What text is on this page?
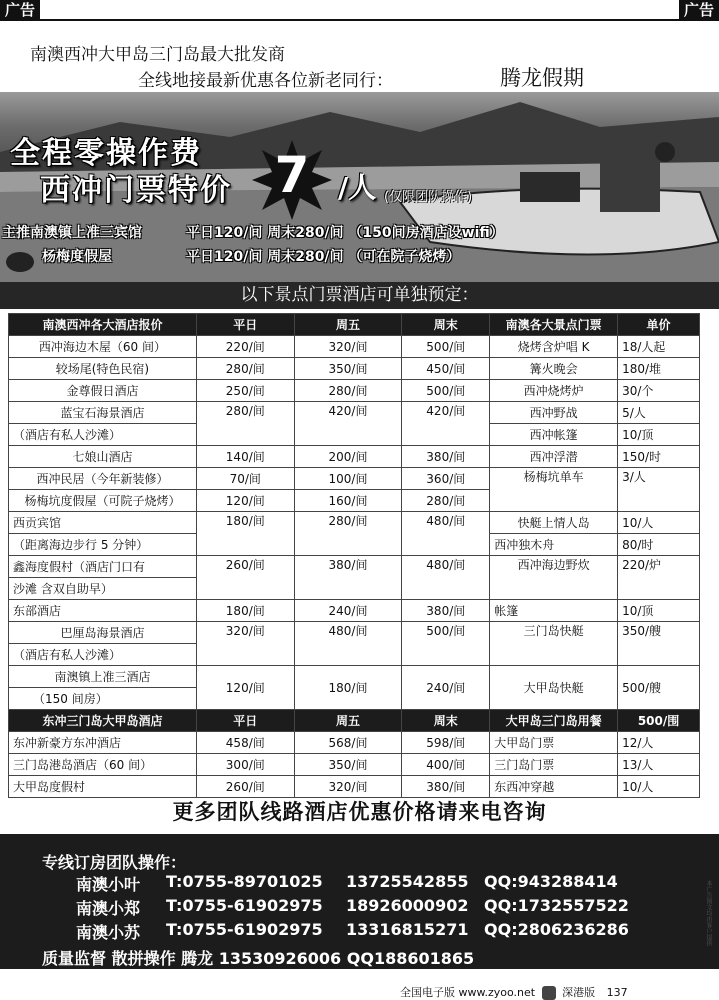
广告	广告
南澳西冲大甲岛三门岛最大批发商
全线地接最新优惠各位新老同行：	腾龙假期
全程零操作费
西冲门票特价 7 /人 (仅限团队操作)
主推南澳镇上准三宾馆	平日120/间 周末280/间 （150间房酒店设wifi）
杨梅度假屋	平日120/间 周末280/间 （可在院子烧烤）
以下景点门票酒店可单独预定：
南澳西冲各大酒店报价	平日	周五	周末	南澳各大景点门票	单价
西冲海边木屋（60 间）	220/间	320/间	500/间	烧烤含炉唱 K	18/人起
较场尾(特色民宿)	280/间	350/间	450/间	篝火晚会	180/堆
金尊假日酒店	250/间	280/间	500/间	西冲烧烤炉	30/个
蓝宝石海景酒店	280/间	420/间	420/间	西冲野战	5/人
（酒店有私人沙滩）				西冲帐篷	10/顶
七娘山酒店	140/间	200/间	380/间	西冲浮潜	150/时
西冲民居（今年新装修）	70/间	100/间	360/间	杨梅坑单车	3/人
杨梅坑度假屋（可院子烧烤）	120/间	160/间	280/间		
西贡宾馆	180/间	280/间	480/间	快艇上情人岛	10/人
（距离海边步行 5 分钟）				西冲独木舟	80/时
鑫海度假村（酒店门口有	260/间	380/间	480/间	西冲海边野炊	220/炉
沙滩 含双自助早）					
东部酒店	180/间	240/间	380/间	帐篷	10/顶
巴厘岛海景酒店	320/间	480/间	500/间	三门岛快艇	350/艘
（酒店有私人沙滩）					
南澳镇上准三酒店	120/间	180/间	240/间	大甲岛快艇	500/艘
（150 间房）					
东冲三门岛大甲岛酒店	平日	周五	周末	大甲岛三门岛用餐	500/围
东冲新豪方东冲酒店	458/间	568/间	598/间	大甲岛门票	12/人
三门岛港岛酒店（60 间）	300/间	350/间	400/间	三门岛门票	13/人
大甲岛度假村	260/间	320/间	380/间	东西冲穿越	10/人
更多团队线路酒店优惠价格请来电咨询
专线订房团队操作：
南澳小叶 T:0755-89701025 13725542855 QQ:943288414
南澳小郑 T:0755-61902975 18926000902 QQ:1732557522
南澳小苏 T:0755-61902975 13316815271 QQ:2806236286
质量监督 散拼操作 腾龙 13530926006 QQ188601865
全国电子版 www.zyoo.net 深港版 137
本广告图文均由客户提供
